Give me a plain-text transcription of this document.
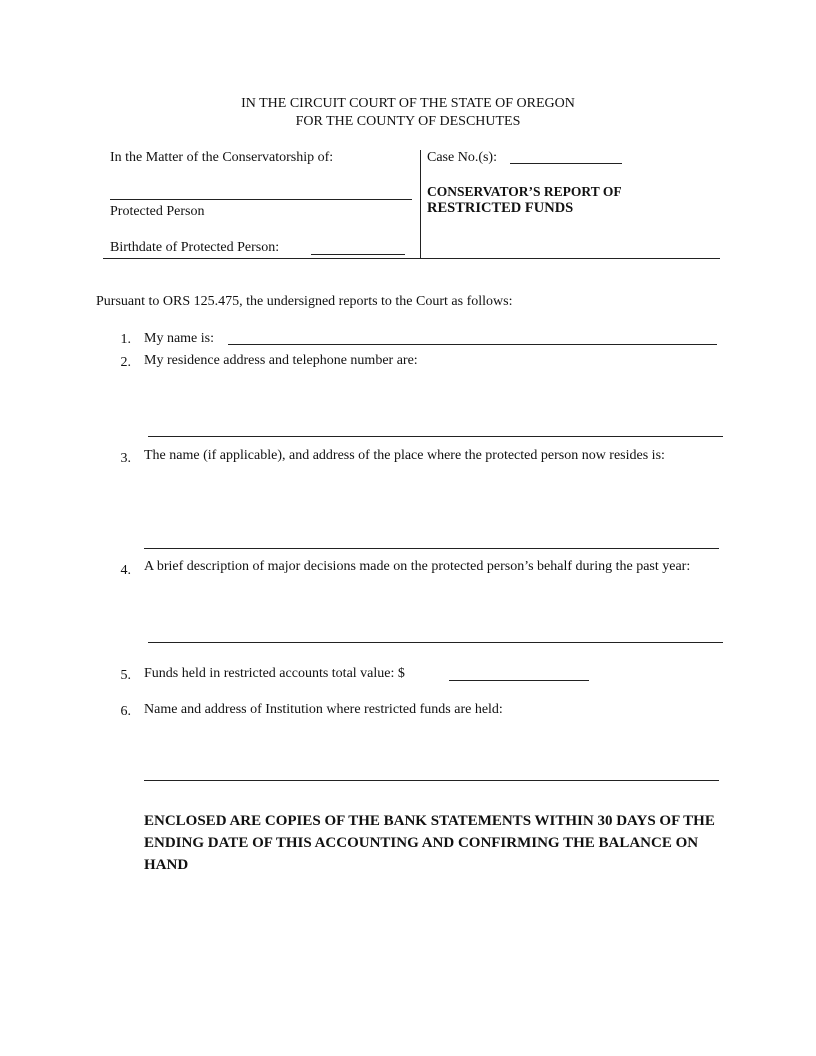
IN THE CIRCUIT COURT OF THE STATE OF OREGON
FOR THE COUNTY OF DESCHUTES
In the Matter of the Conservatorship of:
Protected Person
Birthdate of Protected Person:
Case No.(s):
CONSERVATOR’S REPORT OF
RESTRICTED FUNDS
Pursuant to ORS 125.475, the undersigned reports to the Court as follows:
1. My name is:
2. My residence address and telephone number are:
3. The name (if applicable), and address of the place where the protected person now resides is:
4. A brief description of major decisions made on the protected person’s behalf during the past year:
5. Funds held in restricted accounts total value: $
6. Name and address of Institution where restricted funds are held:
ENCLOSED ARE COPIES OF THE BANK STATEMENTS WITHIN 30 DAYS OF THE ENDING DATE OF THIS ACCOUNTING AND CONFIRMING THE BALANCE ON HAND
